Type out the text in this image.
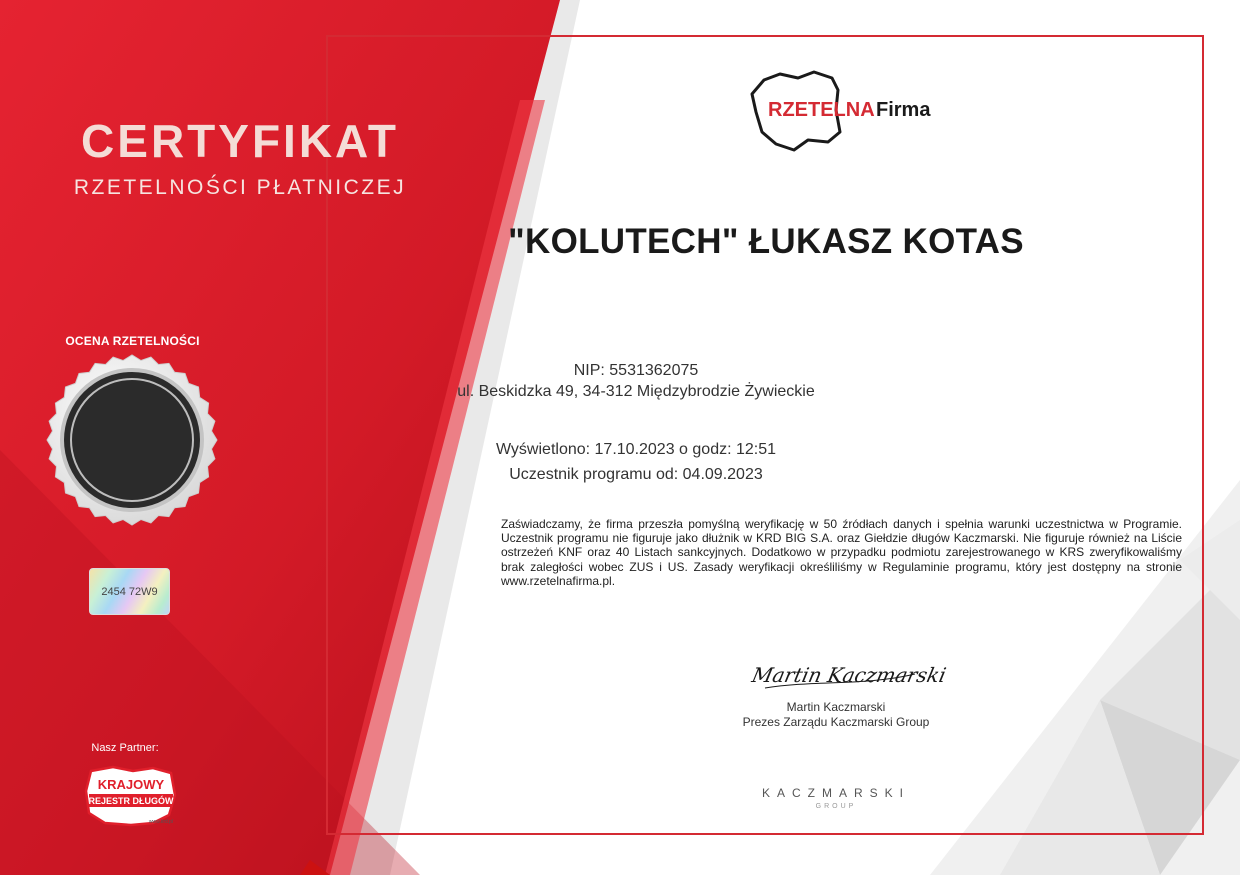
CERTYFIKAT
RZETELNOŚCI PŁATNICZEJ
OCENA RZETELNOŚCI
2454 72W9
Nasz Partner:
KRAJOWY
REJESTR DŁUGÓW
www.krd.pl
RZETELNA Firma
"KOLUTECH" ŁUKASZ KOTAS
NIP: 5531362075
ul. Beskidzka 49, 34-312 Międzybrodzie Żywieckie
Wyświetlono: 17.10.2023 o godz: 12:51
Uczestnik programu od: 04.09.2023
Zaświadczamy, że firma przeszła pomyślną weryfikację w 50 źródłach danych i spełnia warunki uczestnictwa w Programie. Uczestnik programu nie figuruje jako dłużnik w KRD BIG S.A. oraz Giełdzie długów Kaczmarski. Nie figuruje również na Liście ostrzeżeń KNF oraz 40 Listach sankcyjnych. Dodatkowo w przypadku podmiotu zarejestrowanego w KRS zweryfikowaliśmy brak zaległości wobec ZUS i US. Zasady weryfikacji określiliśmy w Regulaminie programu, który jest dostępny na stronie www.rzetelnafirma.pl.
Martin Kaczmarski
Martin Kaczmarski
Prezes Zarządu Kaczmarski Group
KACZMARSKI
GROUP
